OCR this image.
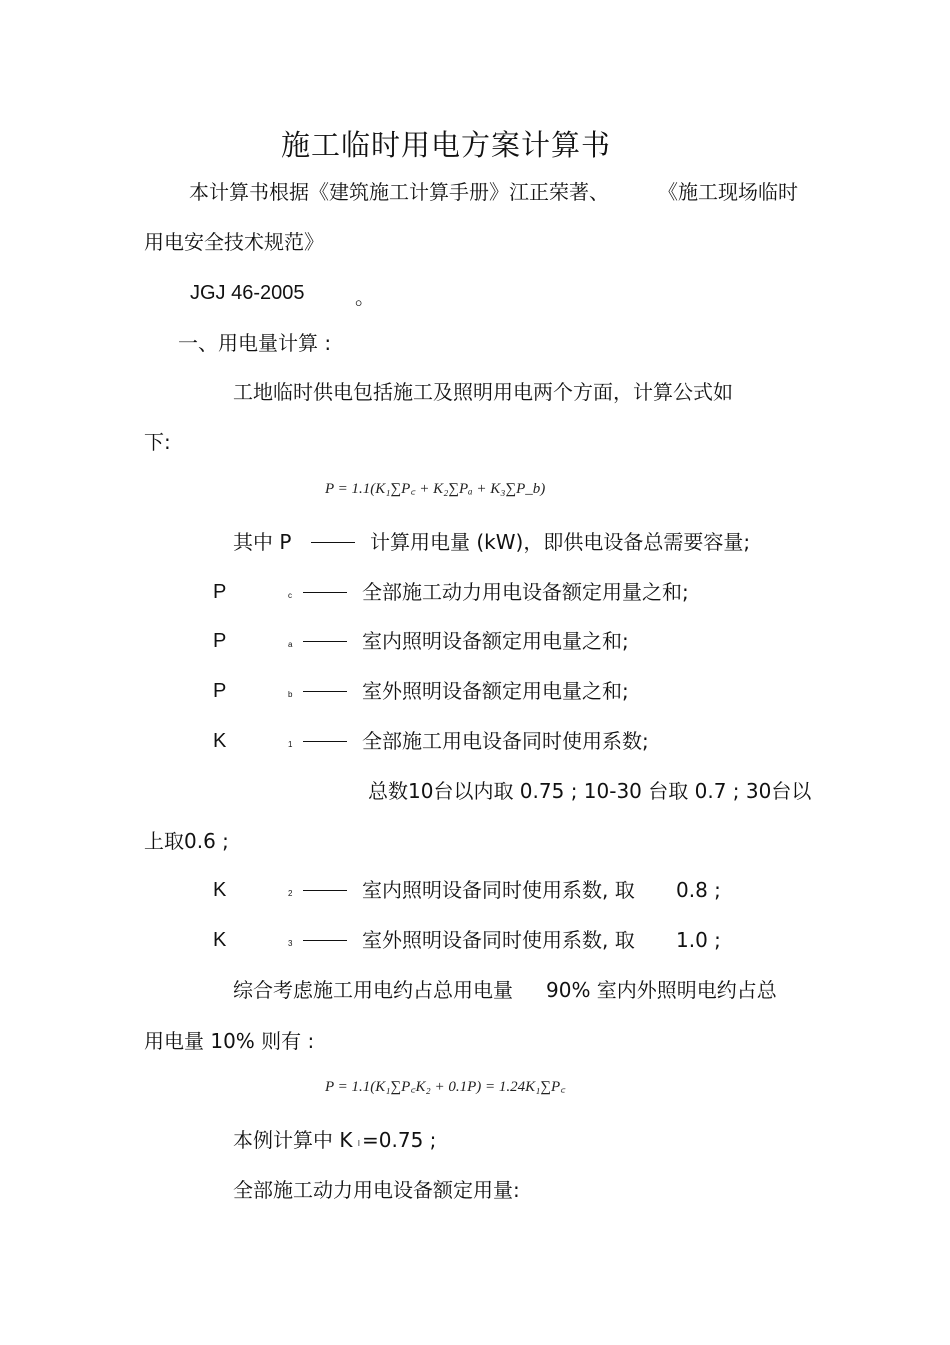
施工临时用电方案计算书
本计算书根据《建筑施工计算手册》江正荣著、 《施工现场临时
用电安全技术规范》
JGJ 46-2005	。
一、用电量计算 :
工地临时供电包括施工及照明用电两个方面，计算公式如
下:
P = 1.1(K₁∑P꜀ + K₂∑Pₐ + K₃∑P_b)
其中 P	计算用电量 (kW)，即供电设备总需要容量;
P	c	全部施工动力用电设备额定用量之和;
P	a	室内照明设备额定用电量之和;
P	b	室外照明设备额定用电量之和;
K	1	全部施工用电设备同时使用系数;
总数10台以内取 0.75 ; 10-30 台取 0.7 ; 30台以
上取0.6 ;
K	2	室内照明设备同时使用系数, 取 0.8 ;
K	3	室外照明设备同时使用系数, 取 1.0 ;
综合考虑施工用电约占总用电量 90% 室内外照明电约占总
用电量 10% 则有 :
P = 1.1(K₁∑P꜀K₂ + 0.1P) = 1.24K₁∑P꜀
本例计算中 K l =0.75 ;
全部施工动力用电设备额定用量:
